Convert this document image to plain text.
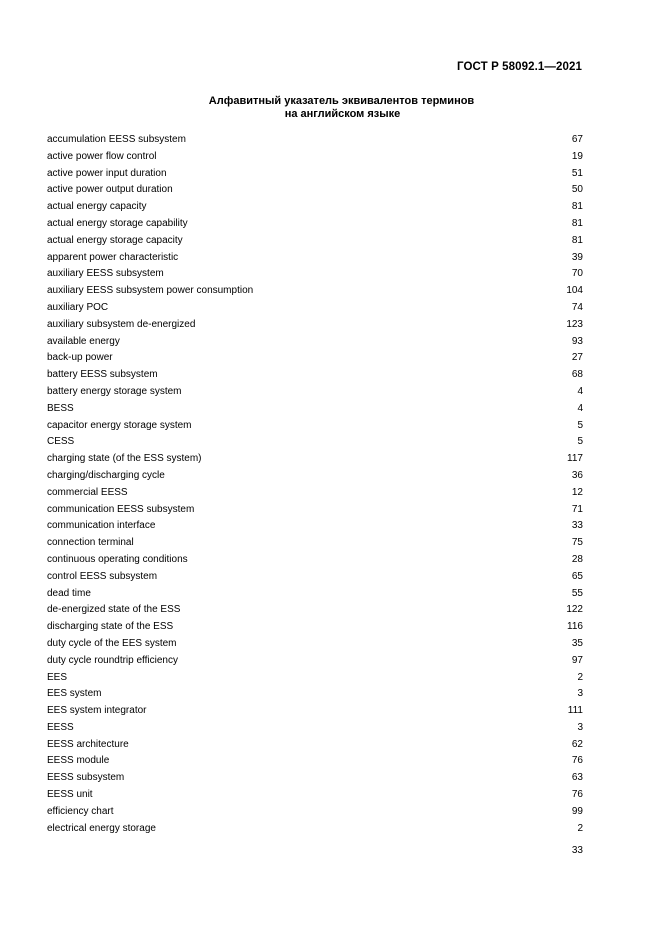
ГОСТ Р 58092.1—2021
Алфавитный указатель эквивалентов терминов
на английском языке
accumulation EESS subsystem	67
active power flow control	19
active power input duration	51
active power output duration	50
actual energy capacity	81
actual energy storage capability	81
actual energy storage capacity	81
apparent power characteristic	39
auxiliary EESS subsystem	70
auxiliary EESS subsystem power consumption	104
auxiliary POC	74
auxiliary subsystem de-energized	123
available energy	93
back-up power	27
battery EESS subsystem	68
battery energy storage system	4
BESS	4
capacitor energy storage system	5
CESS	5
charging state (of the ESS system)	117
charging/discharging cycle	36
commercial EESS	12
communication EESS subsystem	71
communication interface	33
connection terminal	75
continuous operating conditions	28
control EESS subsystem	65
dead time	55
de-energized state of the ESS	122
discharging state of the ESS	116
duty cycle of the EES system	35
duty cycle roundtrip efficiency	97
EES	2
EES system	3
EES system integrator	111
EESS	3
EESS architecture	62
EESS module	76
EESS subsystem	63
EESS unit	76
efficiency chart	99
electrical energy storage	2
33
